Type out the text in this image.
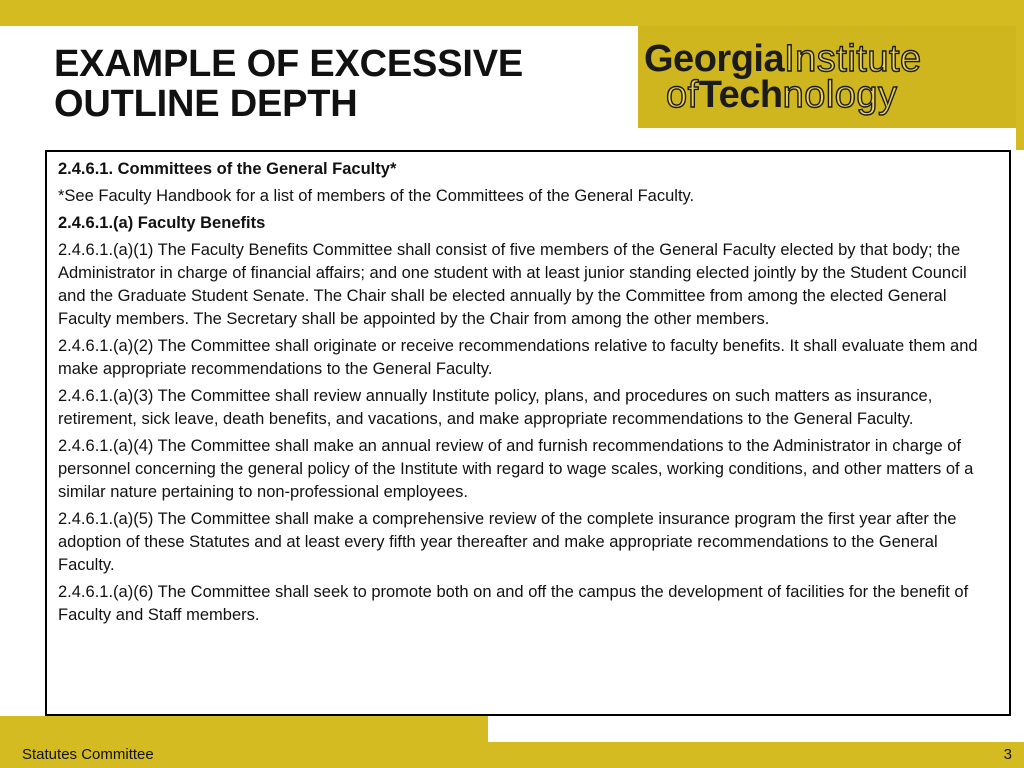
EXAMPLE OF EXCESSIVE
OUTLINE DEPTH
GeorgiaInstitute
ofTechnology

2.4.6.1. Committees of the General Faculty*

*See Faculty Handbook for a list of members of the Committees of the General Faculty.

2.4.6.1.(a) Faculty Benefits

2.4.6.1.(a)(1) The Faculty Benefits Committee shall consist of five members of the General Faculty elected by that body; the Administrator in charge of financial affairs; and one student with at least junior standing elected jointly by the Student Council and the Graduate Student Senate. The Chair shall be elected annually by the Committee from among the elected General Faculty members. The Secretary shall be appointed by the Chair from among the other members.

2.4.6.1.(a)(2) The Committee shall originate or receive recommendations relative to faculty benefits. It shall evaluate them and make appropriate recommendations to the General Faculty.

2.4.6.1.(a)(3) The Committee shall review annually Institute policy, plans, and procedures on such matters as insurance, retirement, sick leave, death benefits, and vacations, and make appropriate recommendations to the General Faculty.

2.4.6.1.(a)(4) The Committee shall make an annual review of and furnish recommendations to the Administrator in charge of personnel concerning the general policy of the Institute with regard to wage scales, working conditions, and other matters of a similar nature pertaining to non-professional employees.

2.4.6.1.(a)(5) The Committee shall make a comprehensive review of the complete insurance program the first year after the adoption of these Statutes and at least every fifth year thereafter and make appropriate recommendations to the General Faculty.

2.4.6.1.(a)(6) The Committee shall seek to promote both on and off the campus the development of facilities for the benefit of Faculty and Staff members.

Statutes Committee	3
